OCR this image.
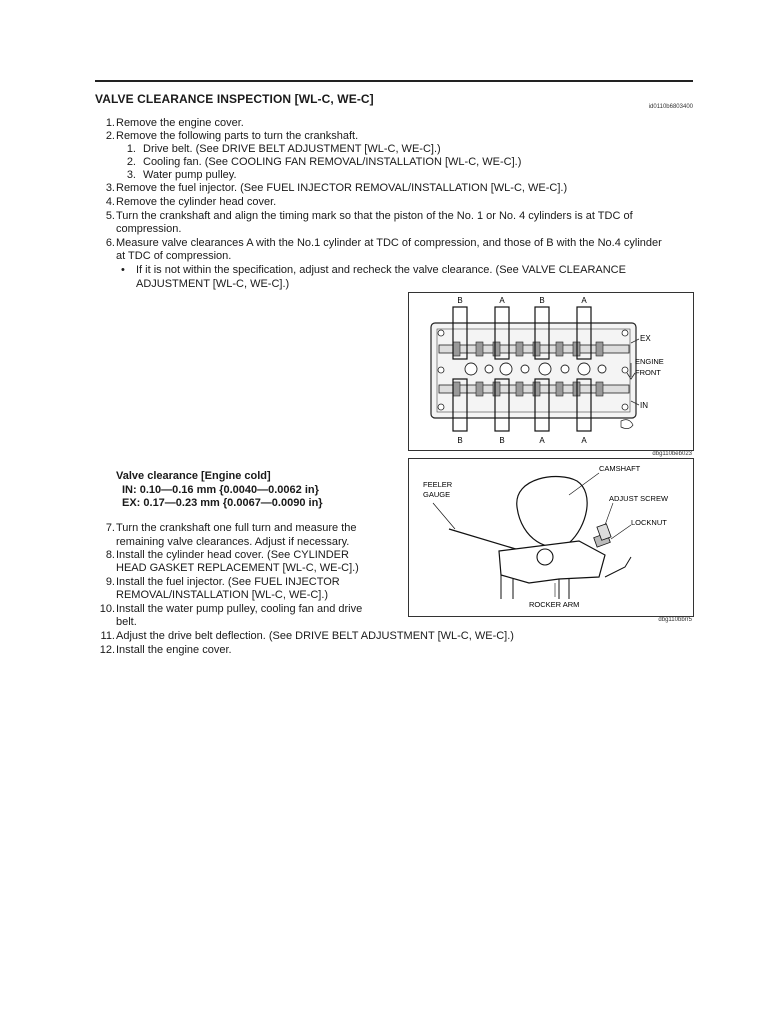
VALVE CLEARANCE INSPECTION [WL-C, WE-C]
id0110b6803400
1. Remove the engine cover.
2. Remove the following parts to turn the crankshaft.
1. Drive belt. (See DRIVE BELT ADJUSTMENT [WL-C, WE-C].)
2. Cooling fan. (See COOLING FAN REMOVAL/INSTALLATION [WL-C, WE-C].)
3. Water pump pulley.
3. Remove the fuel injector. (See FUEL INJECTOR REMOVAL/INSTALLATION [WL-C, WE-C].)
4. Remove the cylinder head cover.
5. Turn the crankshaft and align the timing mark so that the piston of the No. 1 or No. 4 cylinders is at TDC of
compression.
6. Measure valve clearances A with the No.1 cylinder at TDC of compression, and those of B with the No.4 cylinder
at TDC of compression.
• If it is not within the specification, adjust and recheck the valve clearance. (See VALVE CLEARANCE
ADJUSTMENT [WL-C, WE-C].)
Valve clearance [Engine cold]
IN: 0.10—0.16 mm {0.0040—0.0062 in}
EX: 0.17—0.23 mm {0.0067—0.0090 in}
7. Turn the crankshaft one full turn and measure the
remaining valve clearances. Adjust if necessary.
8. Install the cylinder head cover. (See CYLINDER
HEAD GASKET REPLACEMENT [WL-C, WE-C].)
9. Install the fuel injector. (See FUEL INJECTOR
REMOVAL/INSTALLATION [WL-C, WE-C].)
10. Install the water pump pulley, cooling fan and drive
belt.
11. Adjust the drive belt deflection. (See DRIVE BELT ADJUSTMENT [WL-C, WE-C].)
12. Install the engine cover.
B	A	B	A
B	B	A	A
EX
ENGINE
FRONT
IN
dbg110beb023
CAMSHAFT
FEELER
GAUGE	ADJUST SCREW
LOCKNUT
ROCKER ARM
dbg110bbrr5
